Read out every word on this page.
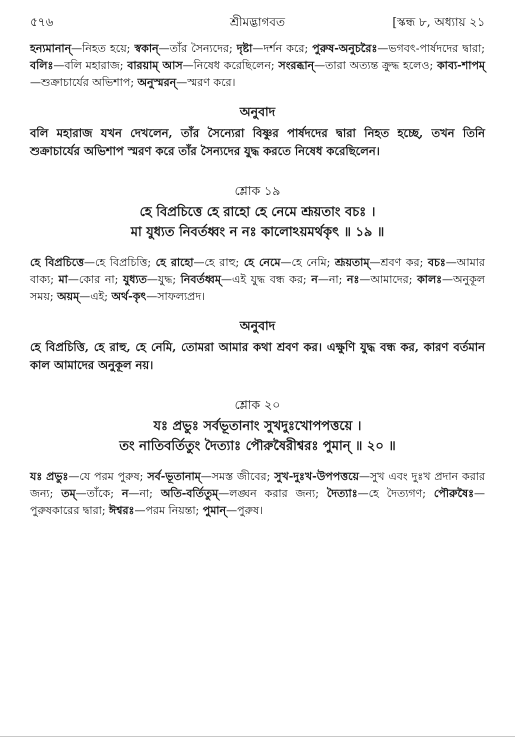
৫৭৬	শ্রীমদ্ভাগবত	[স্কন্ধ ৮, অধ্যায় ২১

হন্যমানান্—নিহত হয়ে; স্বকান্—তাঁর সৈন্যদের; দৃষ্টা—দর্শন করে; পুরুষ-অনুচরৈঃ—ভগবৎ-পার্ষদদের দ্বারা; বলিঃ—বলি মহারাজ; বারয়াম্ আস—নিষেধ করেছিলেন; সংরব্ধান্—তারা অত্যন্ত ক্রুদ্ধ হলেও; কাব্য-শাপম্—শুক্রাচার্যের অভিশাপ; অনুস্মরন্—স্মরণ করে।

অনুবাদ

বলি মহারাজ যখন দেখলেন, তাঁর সৈন্যেরা বিষ্ণুর পার্ষদদের দ্বারা নিহত হচ্ছে, তখন তিনি শুক্রাচার্যের অভিশাপ স্মরণ করে তাঁর সৈন্যদের যুদ্ধ করতে নিষেধ করেছিলেন।

শ্লোক ১৯

হে বিপ্রচিত্তে হে রাহো হে নেমে শ্রূয়তাং বচঃ ।

মা যুধ্যত নিবর্তধ্বং ন নঃ কালোঽয়মর্থকৃৎ ॥ ১৯ ॥

হে বিপ্রচিত্তে—হে বিপ্রচিত্তি; হে রাহো—হে রাহু; হে নেমে—হে নেমি; শ্রূয়তাম্—শ্রবণ কর; বচঃ—আমার বাক্য; মা—কোর না; যুধ্যত—যুদ্ধ; নিবর্তধ্বম্—এই যুদ্ধ বন্ধ কর; ন—না; নঃ—আমাদের; কালঃ—অনুকূল সময়; অয়ম্—এই; অর্থ-কৃৎ—সাফল্যপ্রদ।

অনুবাদ

হে বিপ্রচিত্তি, হে রাহু, হে নেমি, তোমরা আমার কথা শ্রবণ কর। এক্ষুণি যুদ্ধ বন্ধ কর, কারণ বর্তমান কাল আমাদের অনুকূল নয়।

শ্লোক ২০

যঃ প্রভুঃ সর্বভূতানাং সুখদুঃখোপপত্তয়ে ।

তং নাতিবর্তিতুং দৈত্যাঃ পৌরুষৈরীশ্বরঃ পুমান্ ॥ ২০ ॥

যঃ প্রভুঃ—যে পরম পুরুষ; সর্ব-ভূতানাম্—সমস্ত জীবের; সুখ-দুঃখ-উপপত্তয়ে—সুখ এবং দুঃখ প্রদান করার জন্য; তম্—তাঁকে; ন—না; অতি-বর্তিতুম্—লঙ্ঘন করার জন্য; দৈত্যাঃ—হে দৈত্যগণ; পৌরুষৈঃ—পুরুষকারের দ্বারা; ঈশ্বরঃ—পরম নিয়ন্তা; পুমান্—পুরুষ।
